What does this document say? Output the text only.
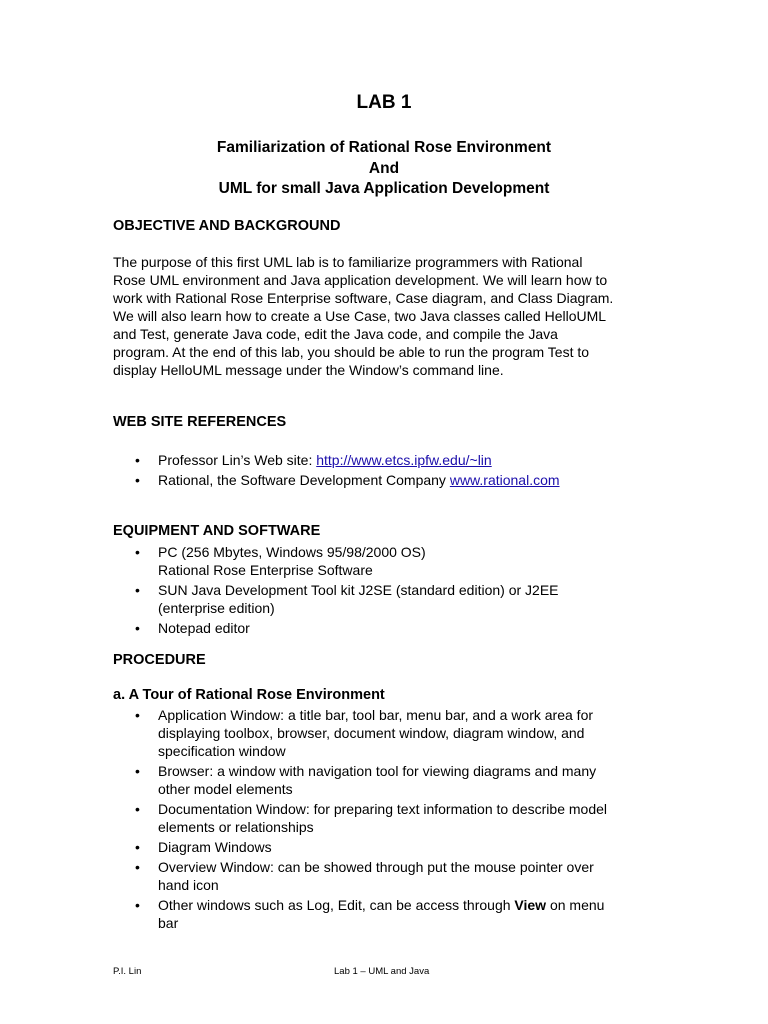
LAB 1
Familiarization of Rational Rose Environment
And
UML for small Java Application Development
OBJECTIVE AND BACKGROUND

The purpose of this first UML lab is to familiarize programmers with Rational

Rose UML environment and Java application development. We will learn how to

work with Rational Rose Enterprise software, Case diagram, and Class Diagram.

We will also learn how to create a Use Case, two Java classes called HelloUML

and Test, generate Java code, edit the Java code, and compile the Java

program. At the end of this lab, you should be able to run the program Test to

display HelloUML message under the Window’s command line.

WEB SITE REFERENCES
• Professor Lin’s Web site: http://www.etcs.ipfw.edu/~lin
• Rational, the Software Development Company www.rational.com
EQUIPMENT AND SOFTWARE
• PC (256 Mbytes, Windows 95/98/2000 OS)
Rational Rose Enterprise Software
• SUN Java Development Tool kit J2SE (standard edition) or J2EE
(enterprise edition)
• Notepad editor
PROCEDURE
a. A Tour of Rational Rose Environment
• Application Window: a title bar, tool bar, menu bar, and a work area for
displaying toolbox, browser, document window, diagram window, and
specification window
• Browser: a window with navigation tool for viewing diagrams and many
other model elements
• Documentation Window: for preparing text information to describe model
elements or relationships
• Diagram Windows
• Overview Window: can be showed through put the mouse pointer over
hand icon
• Other windows such as Log, Edit, can be access through View on menu
bar
P.I. Lin	Lab 1 – UML and Java
